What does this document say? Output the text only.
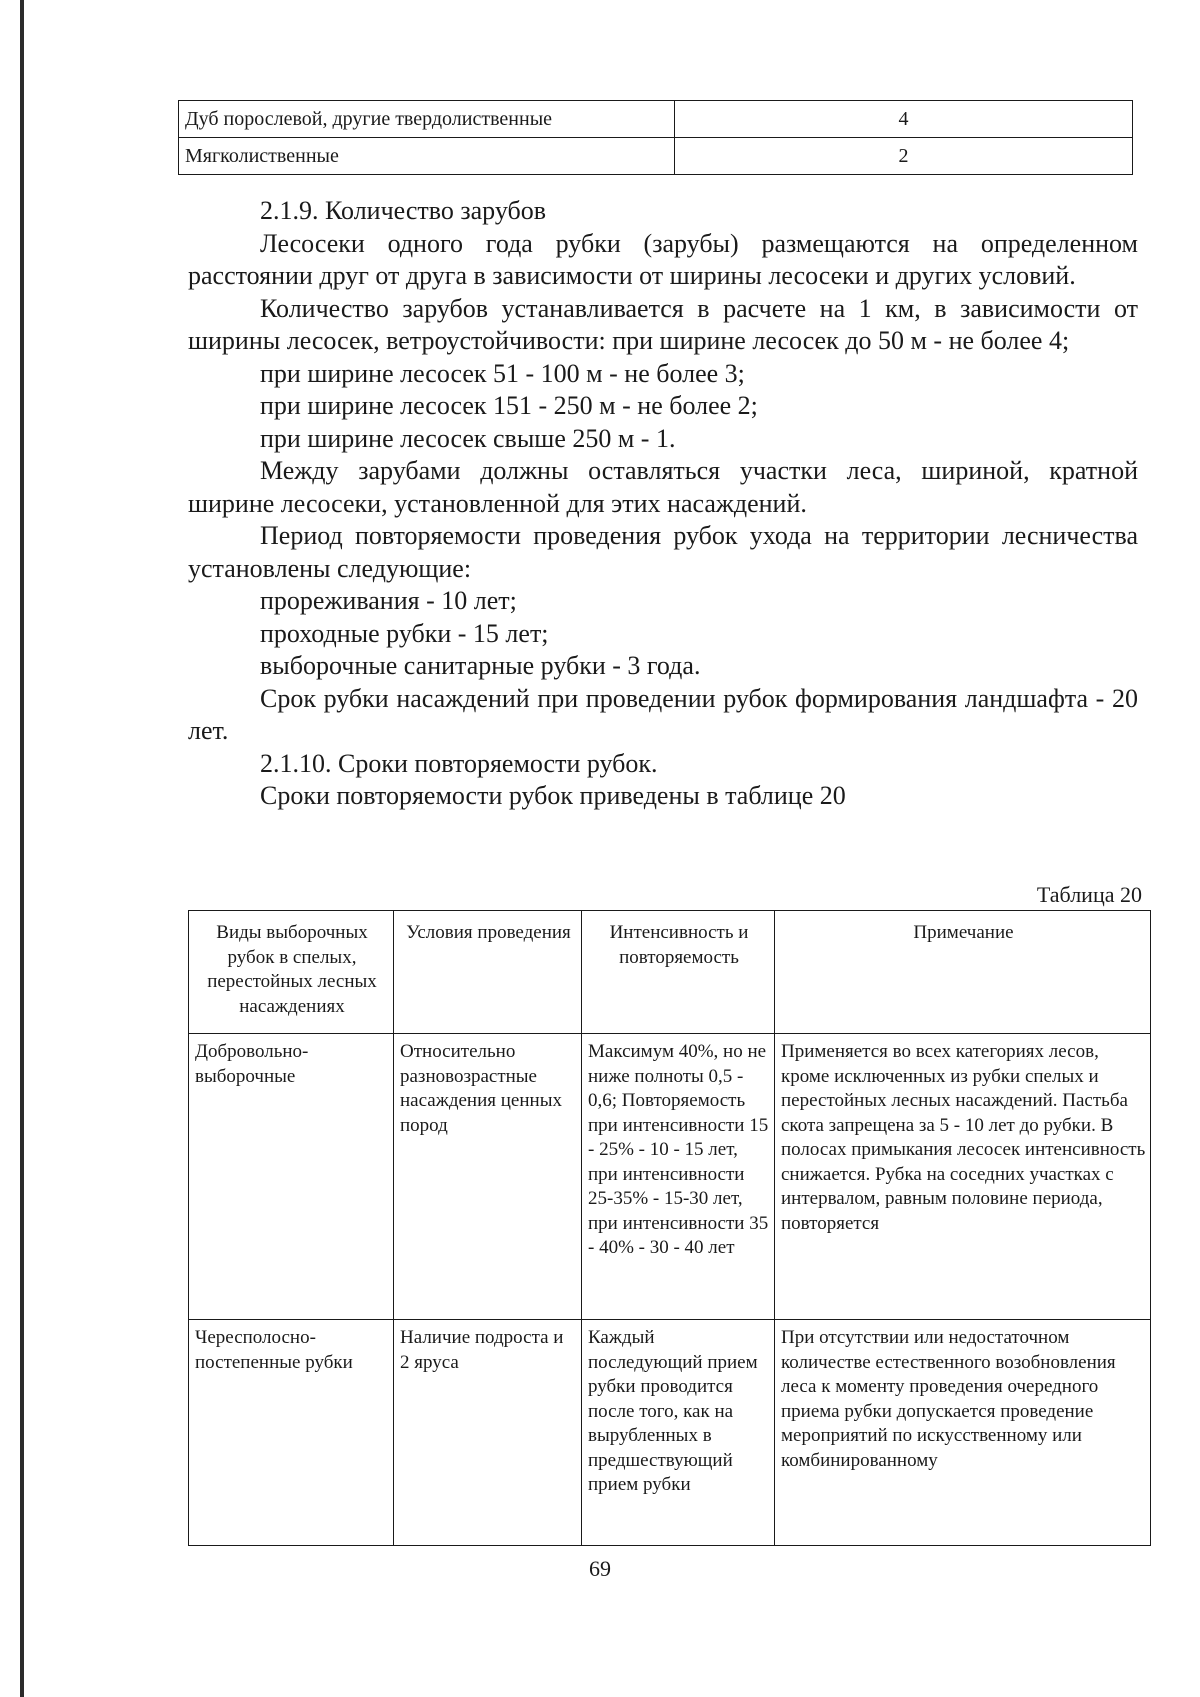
Дуб порослевой, другие твердолиственные	4
Мягколиственные	2

2.1.9. Количество зарубов

Лесосеки одного года рубки (зарубы) размещаются на определенном расстоянии друг от друга в зависимости от ширины лесосеки и других условий.

Количество зарубов устанавливается в расчете на 1 км, в зависимости от ширины лесосек, ветроустойчивости: при ширине лесосек до 50 м - не более 4;

при ширине лесосек 51 - 100 м - не более 3;

при ширине лесосек 151 - 250 м - не более 2;

при ширине лесосек свыше 250 м - 1.

Между зарубами должны оставляться участки леса, шириной, кратной ширине лесосеки, установленной для этих насаждений.

Период повторяемости проведения рубок ухода на территории лесничества установлены следующие:

прореживания - 10 лет;

проходные рубки - 15 лет;

выборочные санитарные рубки - 3 года.

Срок рубки насаждений при проведении рубок формирования ландшафта - 20 лет.

2.1.10. Сроки повторяемости рубок.

Сроки повторяемости рубок приведены в таблице 20

Таблица 20
Виды выборочных рубок в спелых, перестойных лесных насаждениях	Условия проведения	Интенсивность и повторяемость	Примечание
Добровольно-выборочные	Относительно разновозрастные насаждения ценных пород	Максимум 40%, но не ниже полноты 0,5 - 0,6; Повторяемость при интенсивности 15 - 25% - 10 - 15 лет, при интенсивности 25-35% - 15-30 лет, при интенсивности 35 - 40% - 30 - 40 лет	Применяется во всех категориях лесов, кроме исключенных из рубки спелых и перестойных лесных насаждений. Пастьба скота запрещена за 5 - 10 лет до рубки. В полосах примыкания лесосек интенсивность снижается. Рубка на соседних участках с интервалом, равным половине периода, повторяется
Чересполосно-постепенные рубки	Наличие подроста и 2 яруса	Каждый последующий прием рубки проводится после того, как на вырубленных в предшествующий прием рубки	При отсутствии или недостаточном количестве естественного возобновления леса к моменту проведения очередного приема рубки допускается проведение мероприятий по искусственному или комбинированному
69
